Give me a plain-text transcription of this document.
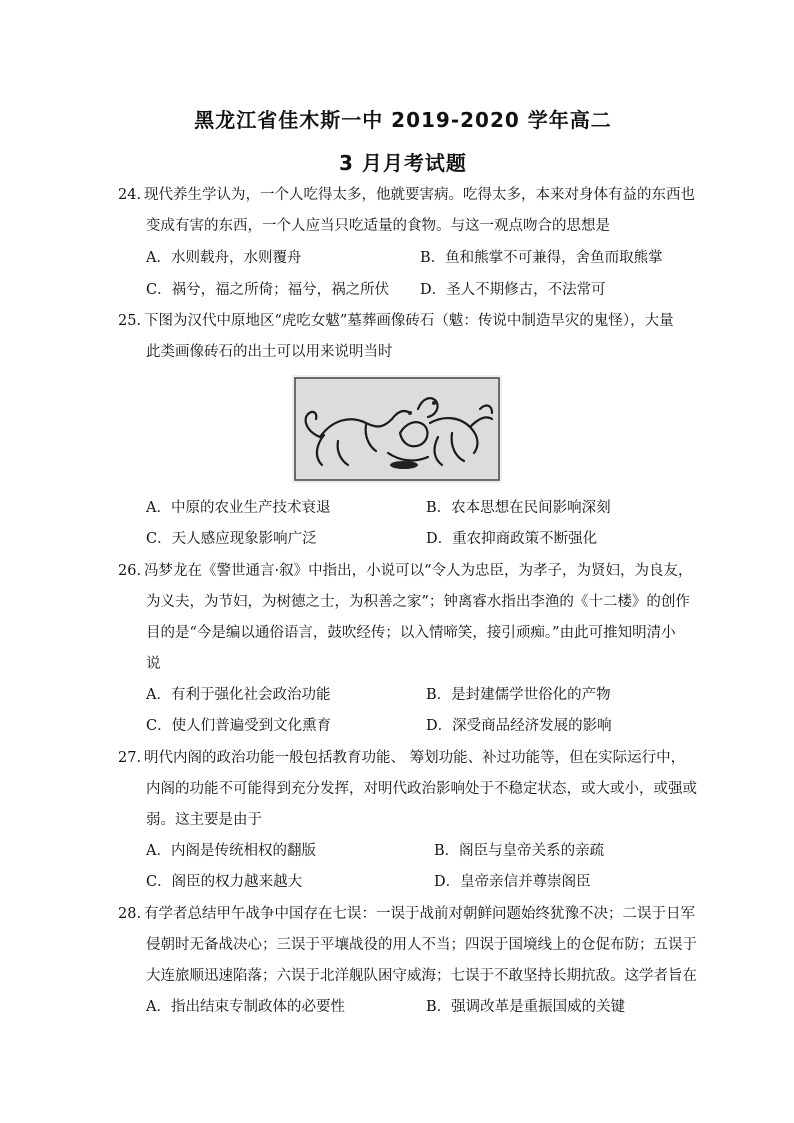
黑龙江省佳木斯一中 2019-2020 学年高二
3 月月考试题
24. 现代养生学认为，一个人吃得太多，他就要害病。吃得太多，本来对身体有益的东西也
变成有害的东西，一个人应当只吃适量的食物。与这一观点吻合的思想是
A．水则载舟，水则覆舟	B．鱼和熊掌不可兼得，舍鱼而取熊掌
C．祸兮，福之所倚；福兮，祸之所伏 D．圣人不期修古，不法常可
25. 下图为汉代中原地区“虎吃女魃”墓葬画像砖石（魃：传说中制造旱灾的鬼怪），大量
此类画像砖石的出土可以用来说明当时
A．中原的农业生产技术衰退	B．农本思想在民间影响深刻
C．天人感应现象影响广泛	D．重农抑商政策不断强化
26. 冯梦龙在《警世通言·叙》中指出，小说可以“令人为忠臣，为孝子，为贤妇，为良友，
为义夫，为节妇，为树德之士，为积善之家”；钟离睿水指出李渔的《十二楼》的创作
目的是“今是编以通俗语言，鼓吹经传；以入情啼笑，接引顽痴。”由此可推知明清小
说
A．有利于强化社会政治功能	B．是封建儒学世俗化的产物
C．使人们普遍受到文化熏育	D．深受商品经济发展的影响
27. 明代内阁的政治功能一般包括教育功能、 筹划功能、补过功能等，但在实际运行中，
内阁的功能不可能得到充分发挥，对明代政治影响处于不稳定状态，或大或小，或强或
弱。这主要是由于
A．内阁是传统相权的翻版	B．阁臣与皇帝关系的亲疏
C．阁臣的权力越来越大	D．皇帝亲信并尊崇阁臣
28. 有学者总结甲午战争中国存在七误：一误于战前对朝鲜问题始终犹豫不决；二误于日军
侵朝时无备战决心；三误于平壤战役的用人不当；四误于国境线上的仓促布防；五误于
大连旅顺迅速陷落；六误于北洋舰队困守威海；七误于不敢坚持长期抗敌。这学者旨在
A．指出结束专制政体的必要性	B．强调改革是重振国威的关键
